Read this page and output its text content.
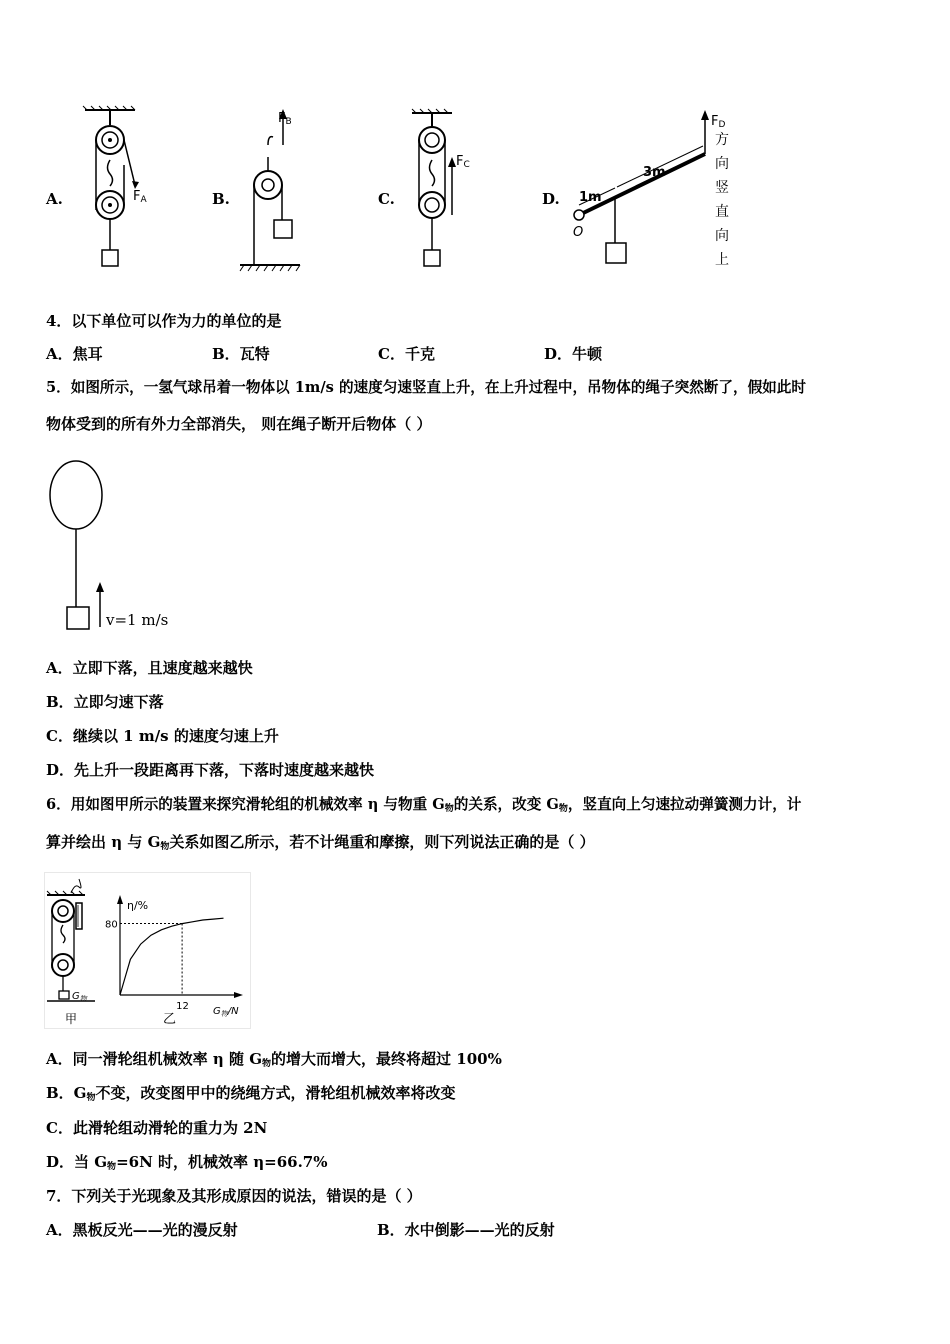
A.	FA	B.
FB
C.
FC
D.
O
FD
1m
3m
方
向
竖
直
向
上
4．以下单位可以作为力的单位的是
A．焦耳	B．瓦特	C．千克	D．牛顿
5．如图所示，一氢气球吊着一物体以 1m/s 的速度匀速竖直上升，在上升过程中，吊物体的绳子突然断了，假如此时
物体受到的所有外力全部消失， 则在绳子断开后物体（ ）
v=1 m/s
A．立即下落，且速度越来越快
B．立即匀速下落
C．继续以 1 m/s 的速度匀速上升
D．先上升一段距离再下落，下落时速度越来越快
6．用如图甲所示的装置来探究滑轮组的机械效率 η 与物重 $G_物$的关系，改变 $G_物$，竖直向上匀速拉动弹簧测力计，计
算并绘出 η 与 $G_物$关系如图乙所示，若不计绳重和摩擦，则下列说法正确的是（ ）
$G_物$
甲
η/%
$G_物/N$
80
12
乙
A．同一滑轮组机械效率 η 随 $G_物$的增大而增大，最终将超过 100%
B．$G_物$不变，改变图甲中的绕绳方式，滑轮组机械效率将改变
C．此滑轮组动滑轮的重力为 2N
D．当 $G_物=6N$ 时，机械效率 η=66.7%
7．下列关于光现象及其形成原因的说法，错误的是（ ）
A．黑板反光——光的漫反射	B．水中倒影——光的反射
